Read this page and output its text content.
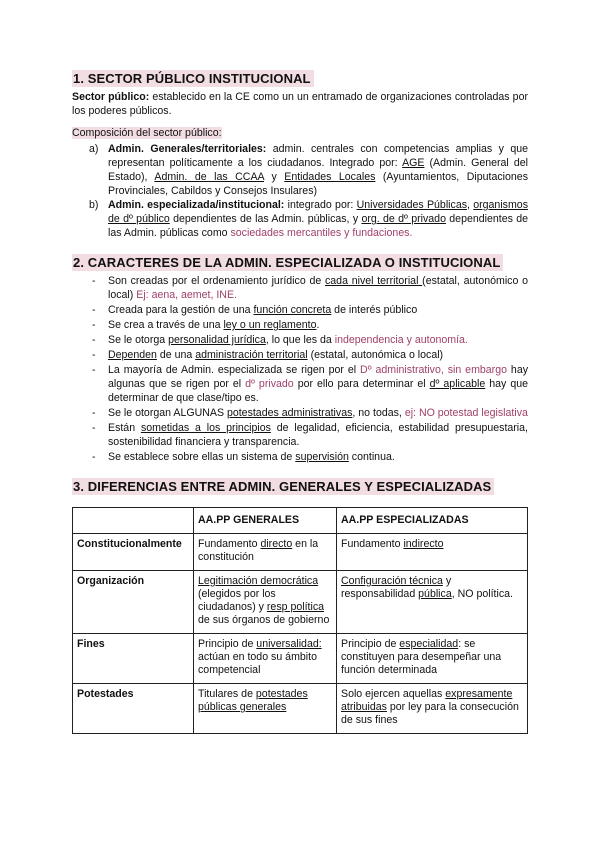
1. SECTOR PÚBLICO INSTITUCIONAL

Sector público: establecido en la CE como un un entramado de organizaciones controladas por los poderes públicos.

Composición del sector público:

a) Admin. Generales/territoriales: admin. centrales con competencias amplias y que representan políticamente a los ciudadanos. Integrado por: AGE (Admin. General del Estado), Admin. de las CCAA y Entidades Locales (Ayuntamientos, Diputaciones Provinciales, Cabildos y Consejos Insulares)
b) Admin. especializada/institucional: integrado por: Universidades Públicas, organismos de dº público dependientes de las Admin. públicas, y org. de dº privado dependientes de las Admin. públicas como sociedades mercantiles y fundaciones.
2. CARACTERES DE LA ADMIN. ESPECIALIZADA O INSTITUCIONAL
- Son creadas por el ordenamiento jurídico de cada nivel territorial (estatal, autonómico o local) Ej: aena, aemet, INE.
- Creada para la gestión de una función concreta de interés público
- Se crea a través de una ley o un reglamento.
- Se le otorga personalidad jurídica, lo que les da independencia y autonomía.
- Dependen de una administración territorial (estatal, autonómica o local)
- La mayoría de Admin. especializada se rigen por el Dº administrativo, sin embargo hay algunas que se rigen por el dº privado por ello para determinar el dº aplicable hay que determinar de que clase/tipo es.
- Se le otorgan ALGUNAS potestades administrativas, no todas, ej: NO potestad legislativa
- Están sometidas a los principios de legalidad, eficiencia, estabilidad presupuestaria, sostenibilidad financiera y transparencia.
- Se establece sobre ellas un sistema de supervisión continua.
3. DIFERENCIAS ENTRE ADMIN. GENERALES Y ESPECIALIZADAS
	AA.PP GENERALES	AA.PP ESPECIALIZADAS
Constitucionalmente	Fundamento directo en la constitución	Fundamento indirecto
Organización	Legitimación democrática (elegidos por los ciudadanos) y resp política de sus órganos de gobierno	Configuración técnica y responsabilidad pública, NO política.
Fines	Principio de universalidad: actúan en todo su ámbito competencial	Principio de especialidad: se constituyen para desempeñar una función determinada
Potestades	Titulares de potestades públicas generales	Solo ejercen aquellas expresamente atribuidas por ley para la consecución de sus fines
